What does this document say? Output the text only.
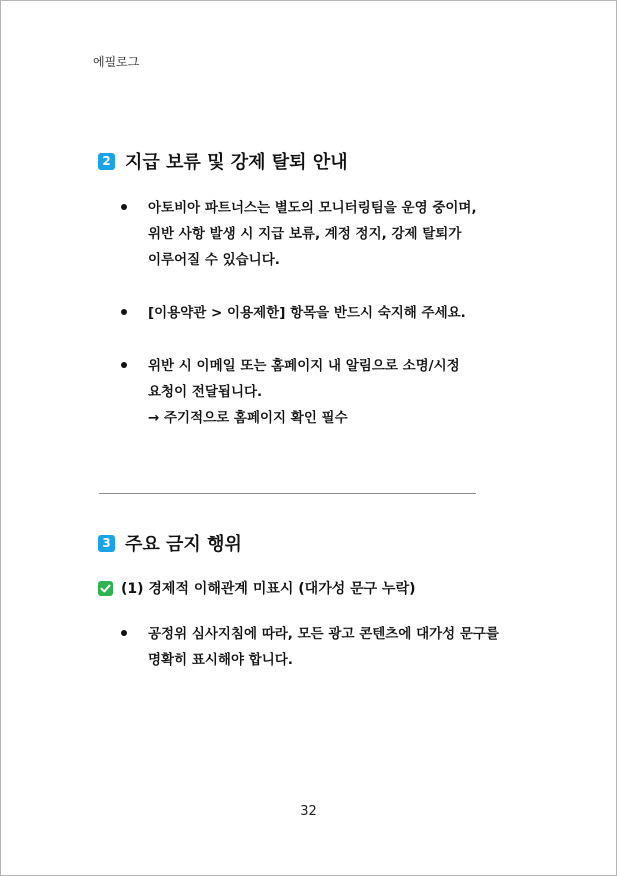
에필로그
2 지급 보류 및 강제 탈퇴 안내
아토비아 파트너스는 별도의 모니터링팀을 운영 중이며,
위반 사항 발생 시 지급 보류, 계정 정지, 강제 탈퇴가
이루어질 수 있습니다.
[이용약관 > 이용제한] 항목을 반드시 숙지해 주세요.
위반 시 이메일 또는 홈페이지 내 알림으로 소명/시정
요청이 전달됩니다.
→ 주기적으로 홈페이지 확인 필수
3 주요 금지 행위
(1) 경제적 이해관계 미표시 (대가성 문구 누락)
공정위 심사지침에 따라, 모든 광고 콘텐츠에 대가성 문구를
명확히 표시해야 합니다.
32
